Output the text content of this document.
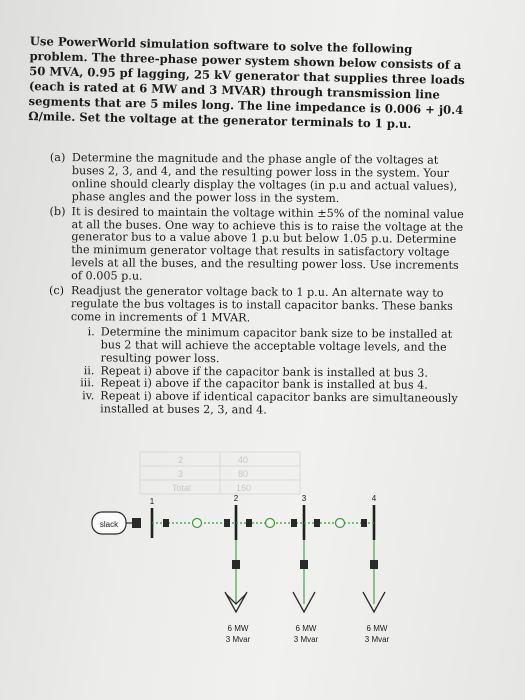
Use PowerWorld simulation software to solve the following problem. The three-phase power system shown below consists of a 50 MVA, 0.95 pf lagging, 25 kV generator that supplies three loads (each is rated at 6 MW and 3 MVAR) through transmission line segments that are 5 miles long. The line impedance is 0.006 + j0.4 Ω/mile. Set the voltage at the generator terminals to 1 p.u.

(a) Determine the magnitude and the phase angle of the voltages at buses 2, 3, and 4, and the resulting power loss in the system. Your online should clearly display the voltages (in p.u and actual values), phase angles and the power loss in the system.
(b) It is desired to maintain the voltage within ±5% of the nominal value at all the buses. One way to achieve this is to raise the voltage at the generator bus to a value above 1 p.u but below 1.05 p.u. Determine the minimum generator voltage that results in satisfactory voltage levels at all the buses, and the resulting power loss. Use increments of 0.005 p.u.
(c) Readjust the generator voltage back to 1 p.u. An alternate way to regulate the bus voltages is to install capacitor banks. These banks come in increments of 1 MVAR.
i. Determine the minimum capacitor bank size to be installed at bus 2 that will achieve the acceptable voltage levels, and the resulting power loss.
ii. Repeat i) above if the capacitor bank is installed at bus 3.
iii. Repeat i) above if the capacitor bank is installed at bus 4.
iv. Repeat i) above if identical capacitor banks are simultaneously installed at buses 2, 3, and 4.
2	40
3	80
Total	160
slack
1	2	3	4
6 MW
3 Mvar
6 MW
3 Mvar
6 MW
3 Mvar
